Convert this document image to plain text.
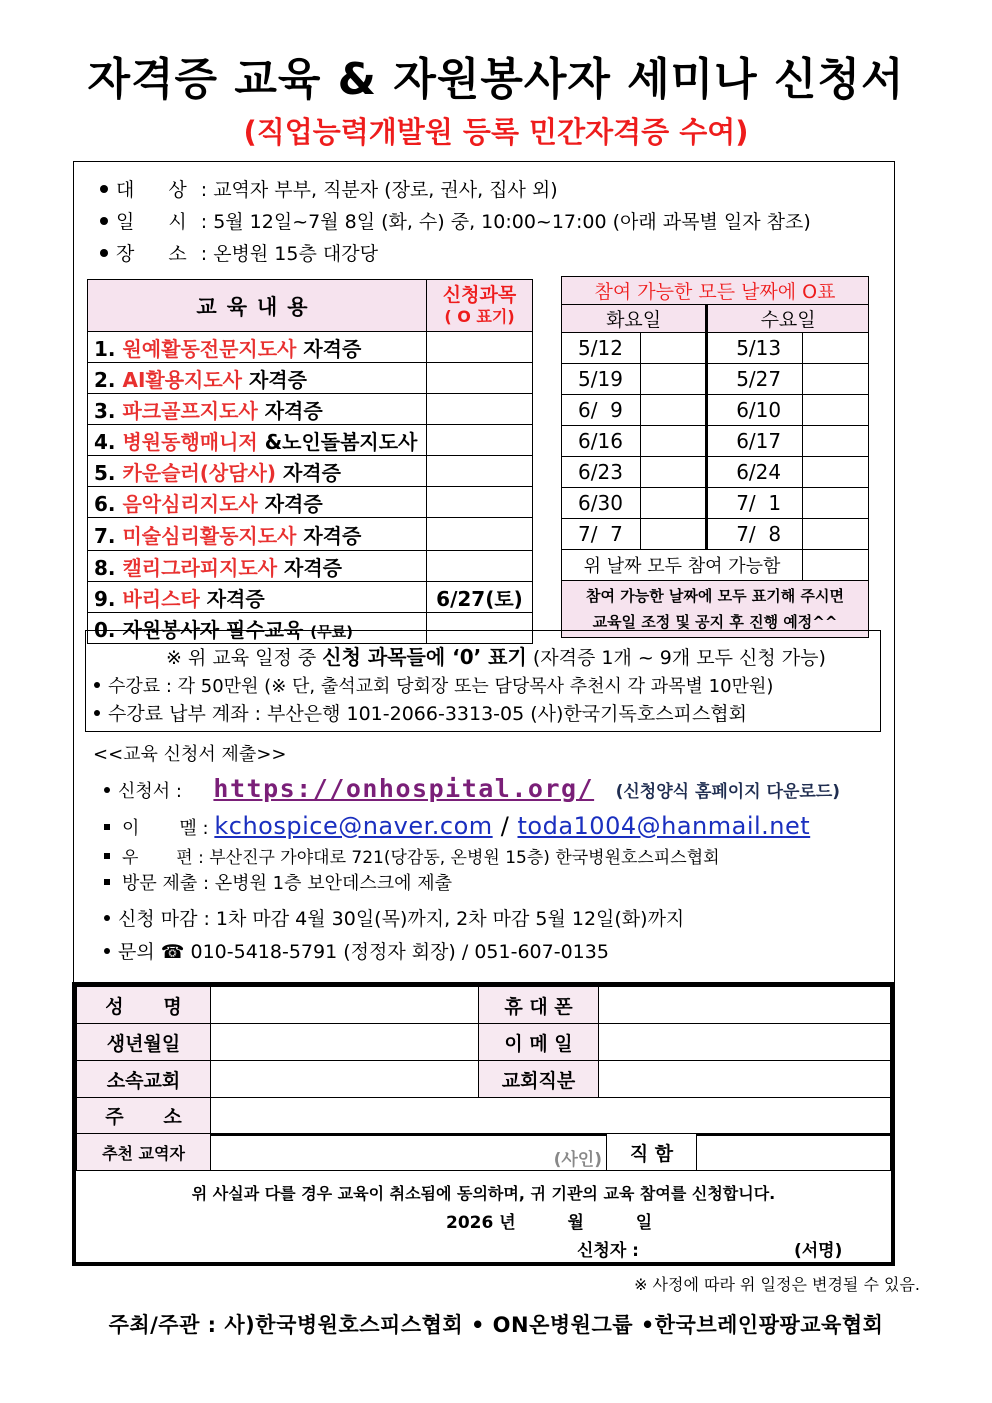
자격증 교육 & 자원봉사자 세미나 신청서
(직업능력개발원 등록 민간자격증 수여)
대 상: 교역자 부부, 직분자 (장로, 권사, 집사 외)
일 시: 5월 12일~7월 8일 (화, 수) 중, 10:00~17:00 (아래 과목별 일자 참조)
장 소: 온병원 15층 대강당
교육내용	신청과목
( O 표기)

1. 원예활동전문지도사 자격증	
2. AI활용지도사 자격증	
3. 파크골프지도사 자격증	
4. 병원동행매니저 &노인돌봄지도사	
5. 카운슬러(상담사) 자격증	
6. 음악심리지도사 자격증	
7. 미술심리활동지도사 자격증	
8. 캘리그라피지도사 자격증	
9. 바리스타 자격증	6/27(토)
0. 자원봉사자 필수교육 (무료)	
참여 가능한 모든 날짜에 O표			
화요일		수요일	
5/12		5/13	
5/19		5/27	
6/  9		6/10	
6/16		6/17	
6/23		6/24	
6/30		7/  1	
7/  7		7/  8	
위 날짜 모두 참여 가능함			

참여 가능한 날짜에 모두 표기해 주시면
교육일 조정 및 공지 후 진행 예정^^			
※ 위 교육 일정 중 신청 과목들에 ‘0’ 표기 (자격증 1개 ~ 9개 모두 신청 가능)
수강료 : 각 50만원 (※ 단, 출석교회 당회장 또는 담당목사 추천시 각 과목별 10만원)
수강료 납부 계좌 : 부산은행 101-2066-3313-05 (사)한국기독호스피스협회
<<교육 신청서 제출>>
신청서 : https://onhospital.org/ (신청양식 홈페이지 다운로드)
이       멜 : kchospice@naver.com / toda1004@hanmail.net
우       편 : 부산진구 가야대로 721(당감동, 온병원 15층) 한국병원호스피스협회
방문 제출 : 온병원 1층 보안데스크에 제출
신청 마감 : 1차 마감 4월 30일(목)까지, 2차 마감 5월 12일(화)까지
문의 ☎ 010-5418-5791 (정정자 회장) / 051-607-0135
성      명		휴 대 폰	
생년월일		이 메 일	
소속교회		교회직분	
주      소			
추천 교역자	(사인)	직 함	
위 사실과 다를 경우 교육이 취소됨에 동의하며, 귀 기관의 교육 참여를 신청합니다.
2026 년	월	일
신청자 :	(서명)
※ 사정에 따라 위 일정은 변경될 수 있음.
주최/주관 : 사)한국병원호스피스협회 • ON온병원그룹 •한국브레인팡팡교육협회
